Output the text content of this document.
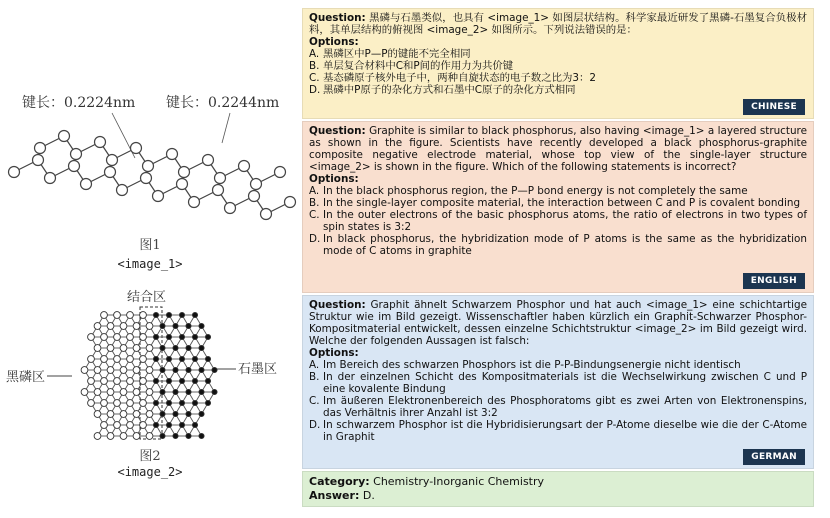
键长：0.2224nm 键长：0.2244nm
图1
<image_1>
结合区
黑磷区
石墨区
图2
<image_2>

Question: 黑磷与石墨类似，也具有 <image_1> 如图层状结构。科学家最近研发了黑磷-石墨复合负极材料，其单层结构的俯视图 <image_2> 如图所示。下列说法错误的是：

Options:
A. 黑磷区中P—P的键能不完全相同
B. 单层复合材料中C和P间的作用力为共价键
C. 基态磷原子核外电子中，两种自旋状态的电子数之比为3：2
D. 黑磷中P原子的杂化方式和石墨中C原子的杂化方式相同
CHINESE

Question: Graphite is similar to black phosphorus, also having <image_1> a layered structure as shown in the figure. Scientists have recently developed a black phosphorus-graphite composite negative electrode material, whose top view of the single-layer structure <image_2> is shown in the figure. Which of the following statements is incorrect?

Options:
A. In the black phosphorus region, the P—P bond energy is not completely the same
B. In the single-layer composite material, the interaction between C and P is covalent bonding
C. In the outer electrons of the basic phosphorus atoms, the ratio of electrons in two types of spin states is 3:2
D. In black phosphorus, the hybridization mode of P atoms is the same as the hybridization mode of C atoms in graphite
ENGLISH

Question: Graphit ähnelt Schwarzem Phosphor und hat auch <image_1> eine schichtartige Struktur wie im Bild gezeigt. Wissenschaftler haben kürzlich ein Graphit-Schwarzer Phosphor-Kompositmaterial entwickelt, dessen einzelne Schichtstruktur <image_2> im Bild gezeigt wird. Welche der folgenden Aussagen ist falsch:

Options:
A. Im Bereich des schwarzen Phosphors ist die P-P-Bindungsenergie nicht identisch
B. In der einzelnen Schicht des Kompositmaterials ist die Wechselwirkung zwischen C und P eine kovalente Bindung
C. Im äußeren Elektronenbereich des Phosphoratoms gibt es zwei Arten von Elektronenspins, das Verhältnis ihrer Anzahl ist 3:2
D. In schwarzem Phosphor ist die Hybridisierungsart der P-Atome dieselbe wie die der C-Atome in Graphit
GERMAN
Category: Chemistry-Inorganic Chemistry
Answer: D.
